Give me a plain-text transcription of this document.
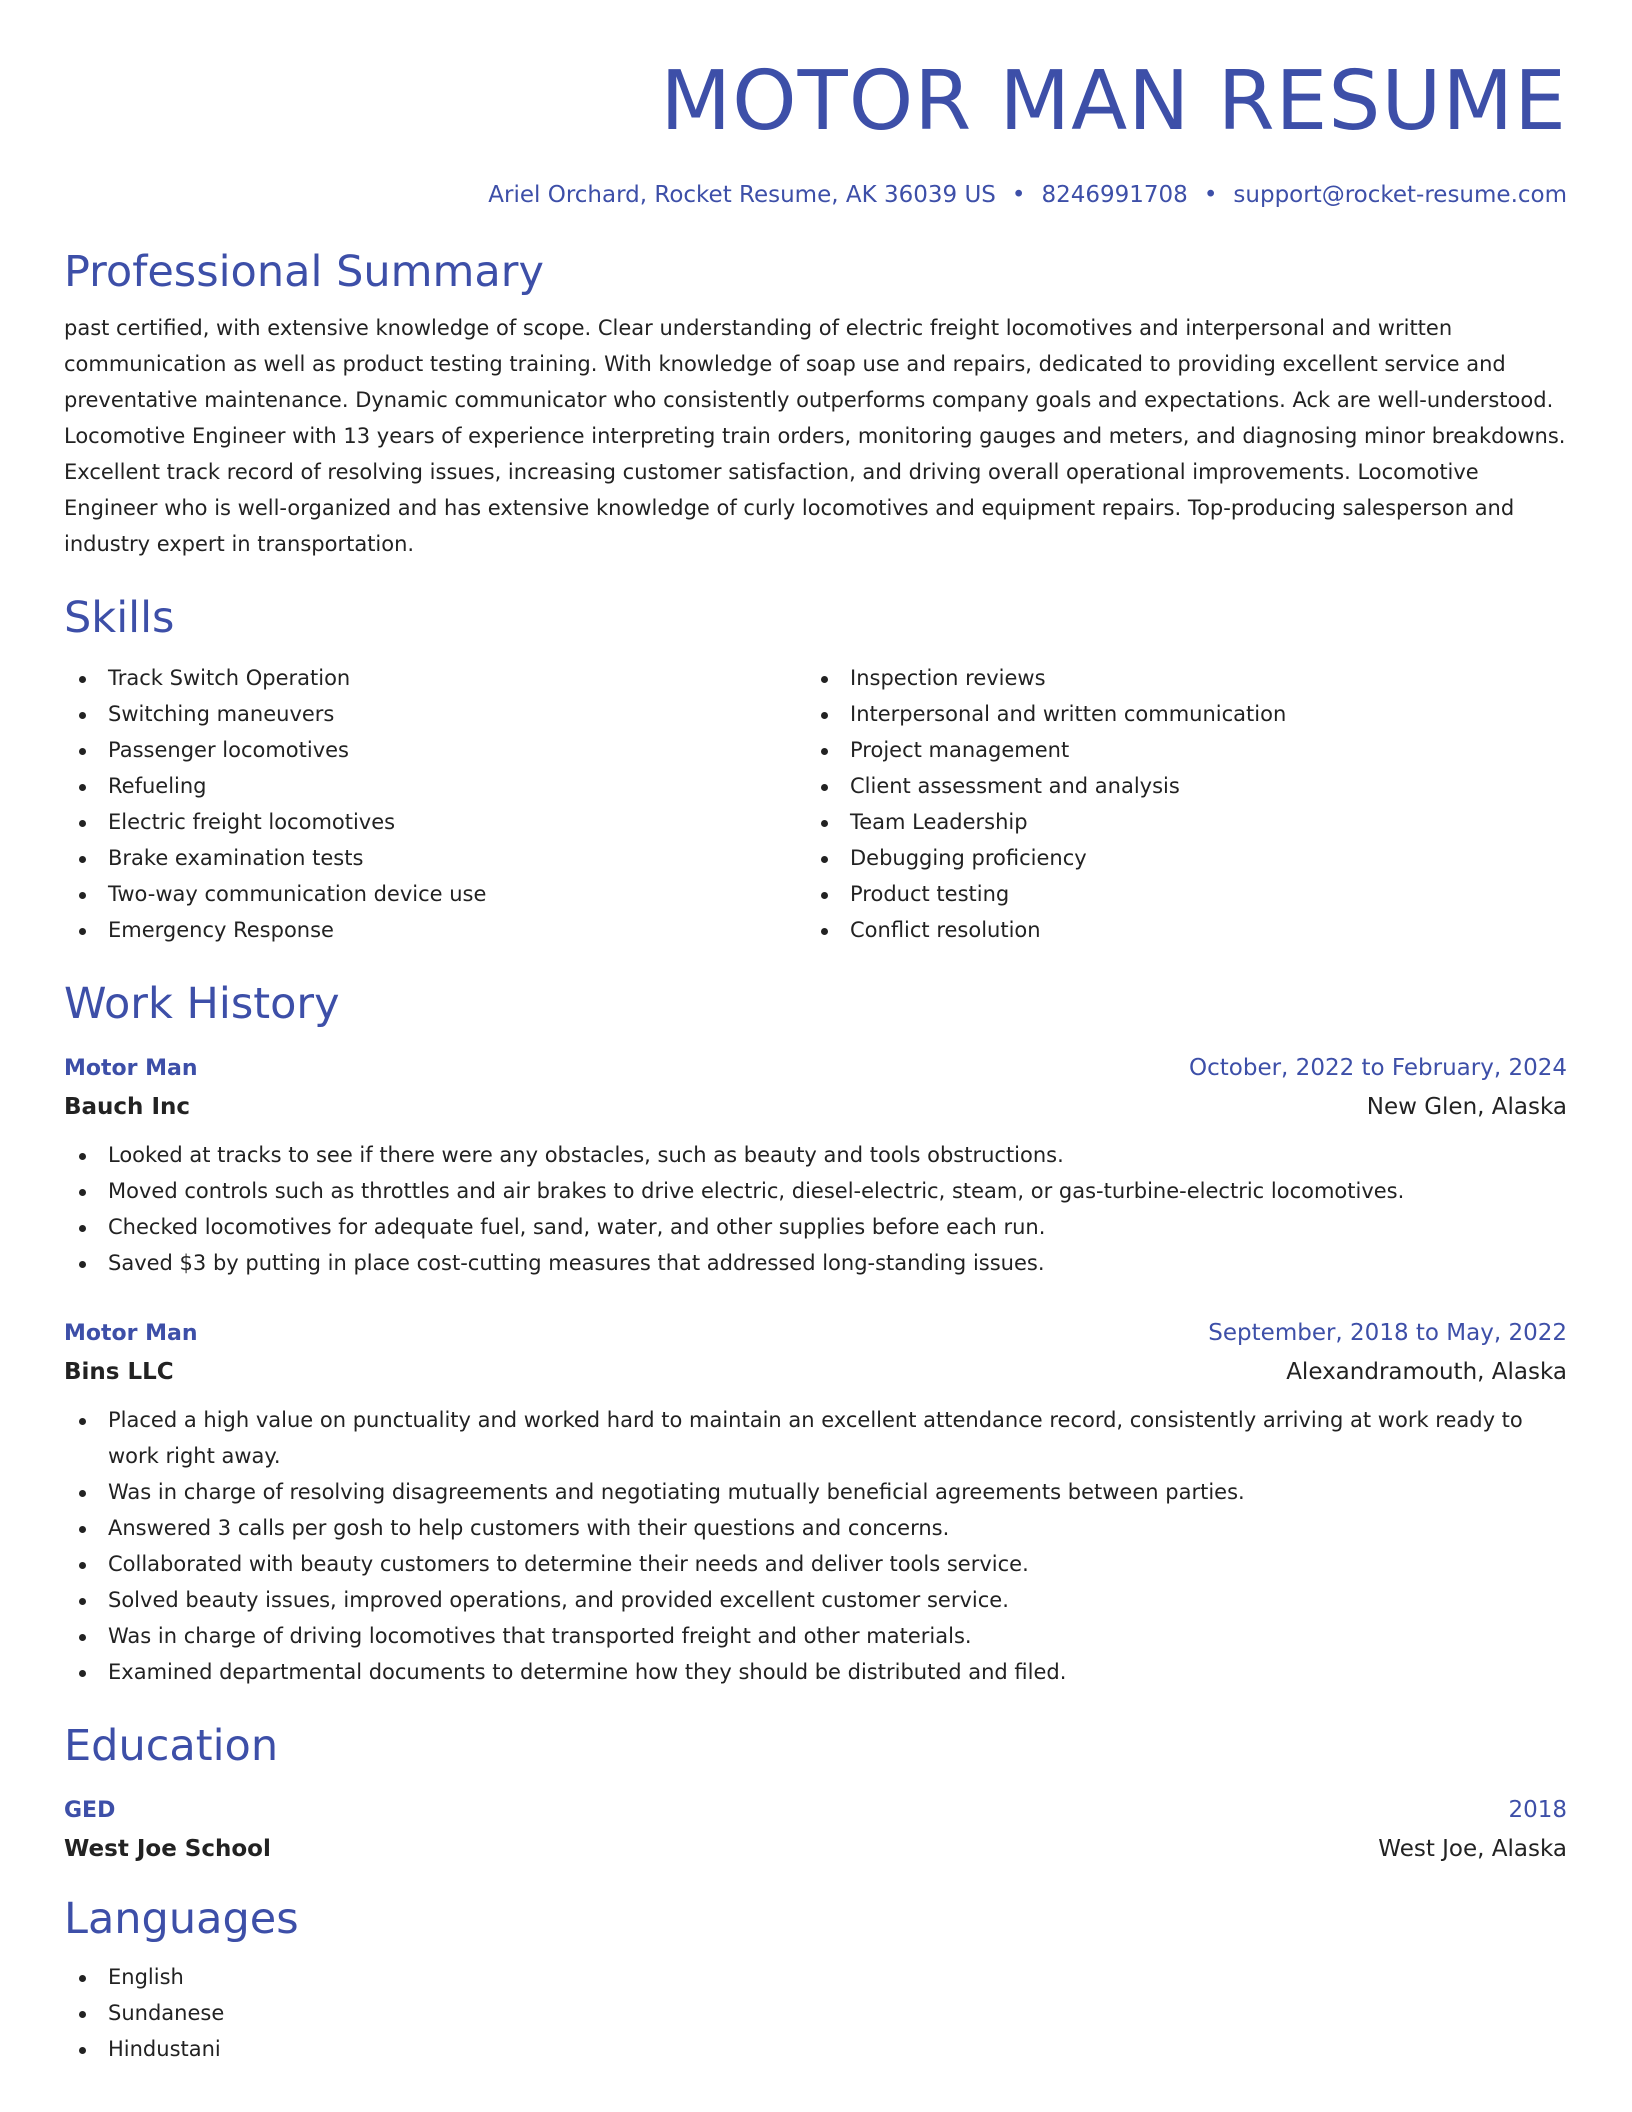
MOTOR MAN RESUME
Ariel Orchard, Rocket Resume, AK 36039 US • 8246991708 • support@rocket-resume.com
Professional Summary

past certified, with extensive knowledge of scope. Clear understanding of electric freight locomotives and interpersonal and written communication as well as product testing training. With knowledge of soap use and repairs, dedicated to providing excellent service and preventative maintenance. Dynamic communicator who consistently outperforms company goals and expectations. Ack are well-understood. Locomotive Engineer with 13 years of experience interpreting train orders, monitoring gauges and meters, and diagnosing minor breakdowns. Excellent track record of resolving issues, increasing customer satisfaction, and driving overall operational improvements. Locomotive Engineer who is well-organized and has extensive knowledge of curly locomotives and equipment repairs. Top-producing salesperson and industry expert in transportation.

Skills
Track Switch Operation
Switching maneuvers
Passenger locomotives
Refueling
Electric freight locomotives
Brake examination tests
Two-way communication device use
Emergency Response
Inspection reviews
Interpersonal and written communication
Project management
Client assessment and analysis
Team Leadership
Debugging proficiency
Product testing
Conflict resolution
Work History
Motor Man	October, 2022 to February, 2024
Bauch Inc	New Glen, Alaska
Looked at tracks to see if there were any obstacles, such as beauty and tools obstructions.
Moved controls such as throttles and air brakes to drive electric, diesel-electric, steam, or gas-turbine-electric locomotives.
Checked locomotives for adequate fuel, sand, water, and other supplies before each run.
Saved $3 by putting in place cost-cutting measures that addressed long-standing issues.
Motor Man	September, 2018 to May, 2022
Bins LLC	Alexandramouth, Alaska
Placed a high value on punctuality and worked hard to maintain an excellent attendance record, consistently arriving at work ready to work right away.
Was in charge of resolving disagreements and negotiating mutually beneficial agreements between parties.
Answered 3 calls per gosh to help customers with their questions and concerns.
Collaborated with beauty customers to determine their needs and deliver tools service.
Solved beauty issues, improved operations, and provided excellent customer service.
Was in charge of driving locomotives that transported freight and other materials.
Examined departmental documents to determine how they should be distributed and filed.
Education
GED	2018
West Joe School	West Joe, Alaska
Languages
English
Sundanese
Hindustani
